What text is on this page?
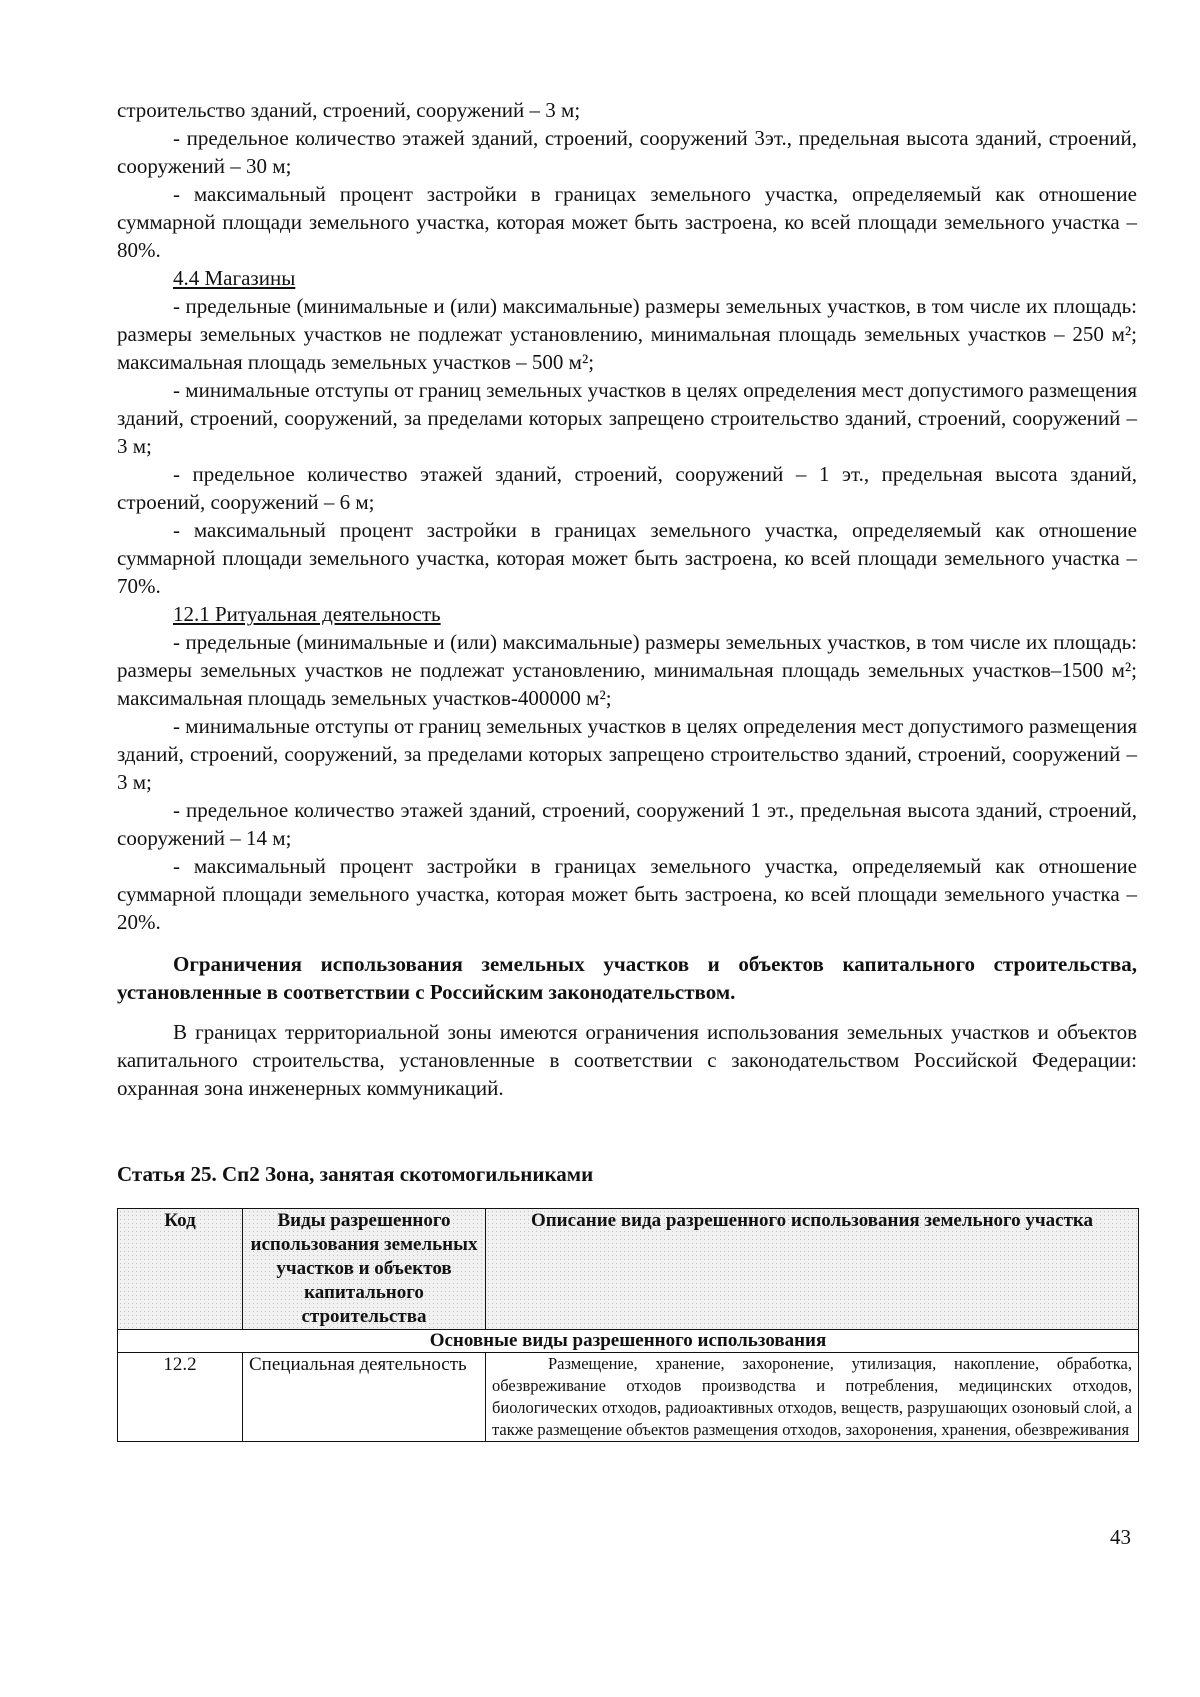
строительство зданий, строений, сооружений – 3 м;

- предельное количество этажей зданий, строений, сооружений 3эт., предельная высота зданий, строений, сооружений – 30 м;

- максимальный процент застройки в границах земельного участка, определяемый как отношение суммарной площади земельного участка, которая может быть застроена, ко всей площади земельного участка – 80%.

4.4 Магазины

- предельные (минимальные и (или) максимальные) размеры земельных участков, в том числе их площадь: размеры земельных участков не подлежат установлению, минимальная площадь земельных участков – 250 м²; максимальная площадь земельных участков – 500 м²;

- минимальные отступы от границ земельных участков в целях определения мест допустимого размещения зданий, строений, сооружений, за пределами которых запрещено строительство зданий, строений, сооружений – 3 м;

- предельное количество этажей зданий, строений, сооружений – 1 эт., предельная высота зданий, строений, сооружений – 6 м;

- максимальный процент застройки в границах земельного участка, определяемый как отношение суммарной площади земельного участка, которая может быть застроена, ко всей площади земельного участка – 70%.

12.1 Ритуальная деятельность

- предельные (минимальные и (или) максимальные) размеры земельных участков, в том числе их площадь: размеры земельных участков не подлежат установлению, минимальная площадь земельных участков–1500 м²; максимальная площадь земельных участков-400000 м²;

- минимальные отступы от границ земельных участков в целях определения мест допустимого размещения зданий, строений, сооружений, за пределами которых запрещено строительство зданий, строений, сооружений – 3 м;

- предельное количество этажей зданий, строений, сооружений 1 эт., предельная высота зданий, строений, сооружений – 14 м;

- максимальный процент застройки в границах земельного участка, определяемый как отношение суммарной площади земельного участка, которая может быть застроена, ко всей площади земельного участка – 20%.

Ограничения использования земельных участков и объектов капитального строительства, установленные в соответствии с Российским законодательством.

В границах территориальной зоны имеются ограничения использования земельных участков и объектов капитального строительства, установленные в соответствии с законодательством Российской Федерации: охранная зона инженерных коммуникаций.

Статья 25. Сп2 Зона, занятая скотомогильниками

Код	Виды разрешенного использования земельных участков и объектов капитального строительства	Описание вида разрешенного использования земельного участка
Основные виды разрешенного использования		
12.2	Специальная деятельность	Размещение, хранение, захоронение, утилизация, накопление, обработка, обезвреживание отходов производства и потребления, медицинских отходов, биологических отходов, радиоактивных отходов, веществ, разрушающих озоновый слой, а также размещение объектов размещения отходов, захоронения, хранения, обезвреживания
43
